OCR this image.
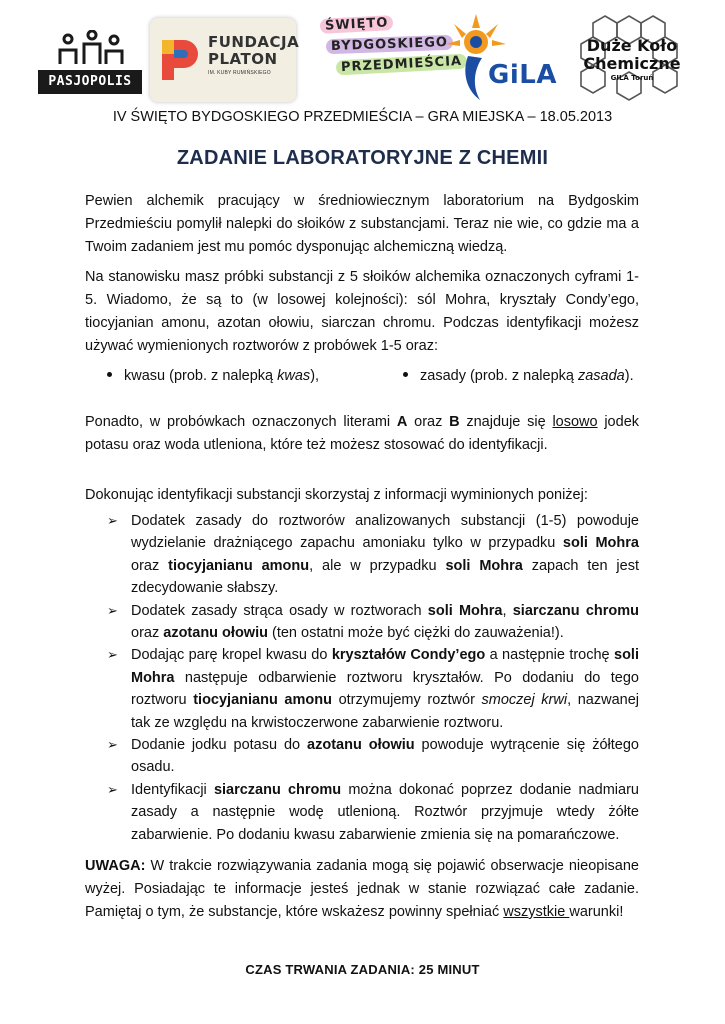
PASJOPOLIS
FUNDACJA
PLATON
IM. KUBY RUMIŃSKIEGO
ŚWIĘTO
BYDGOSKIEGO
PRZEDMIEŚCIA GiLA
Duże Koło
Chemiczne
GILA Toruń
IV ŚWIĘTO BYDGOSKIEGO PRZEDMIEŚCIA – GRA MIEJSKA – 18.05.2013
ZADANIE LABORATORYJNE Z CHEMII

Pewien alchemik pracujący w średniowiecznym laboratorium na Bydgoskim Przedmieściu pomylił nalepki do słoików z substancjami. Teraz nie wie, co gdzie ma a Twoim zadaniem jest mu pomóc dysponując alchemiczną wiedzą.

Na stanowisku masz próbki substancji z 5 słoików alchemika oznaczonych cyframi 1-5. Wiadomo, że są to (w losowej kolejności): sól Mohra, kryształy Condy’ego, tiocyjanian amonu, azotan ołowiu, siarczan chromu. Podczas identyfikacji możesz używać wymienionych roztworów z probówek 1-5 oraz:

kwasu (prob. z nalepką kwas),	zasady (prob. z nalepką zasada).

Ponadto, w probówkach oznaczonych literami A oraz B znajduje się losowo jodek potasu oraz woda utleniona, które też możesz stosować do identyfikacji.

Dokonując identyfikacji substancji skorzystaj z informacji wyminionych poniżej:

➢ Dodatek zasady do roztworów analizowanych substancji (1-5) powoduje wydzielanie drażniącego zapachu amoniaku tylko w przypadku soli Mohra oraz tiocyjanianu amonu, ale w przypadku soli Mohra zapach ten jest zdecydowanie słabszy.
➢ Dodatek zasady strąca osady w roztworach soli Mohra, siarczanu chromu oraz azotanu ołowiu (ten ostatni może być ciężki do zauważenia!).
➢ Dodając parę kropel kwasu do kryształów Condy’ego a następnie trochę soli Mohra następuje odbarwienie roztworu kryształów. Po dodaniu do tego roztworu tiocyjanianu amonu otrzymujemy roztwór smoczej krwi, nazwanej tak ze względu na krwistoczerwone zabarwienie roztworu.
➢ Dodanie jodku potasu do azotanu ołowiu powoduje wytrącenie się żółtego osadu.
➢ Identyfikacji siarczanu chromu można dokonać poprzez dodanie nadmiaru zasady a następnie wodę utlenioną. Roztwór przyjmuje wtedy żółte zabarwienie. Po dodaniu kwasu zabarwienie zmienia się na pomarańczowe.

UWAGA: W trakcie rozwiązywania zadania mogą się pojawić obserwacje nieopisane wyżej. Posiadając te informacje jesteś jednak w stanie rozwiązać całe zadanie. Pamiętaj o tym, że substancje, które wskażesz powinny spełniać wszystkie warunki!

CZAS TRWANIA ZADANIA: 25 MINUT
